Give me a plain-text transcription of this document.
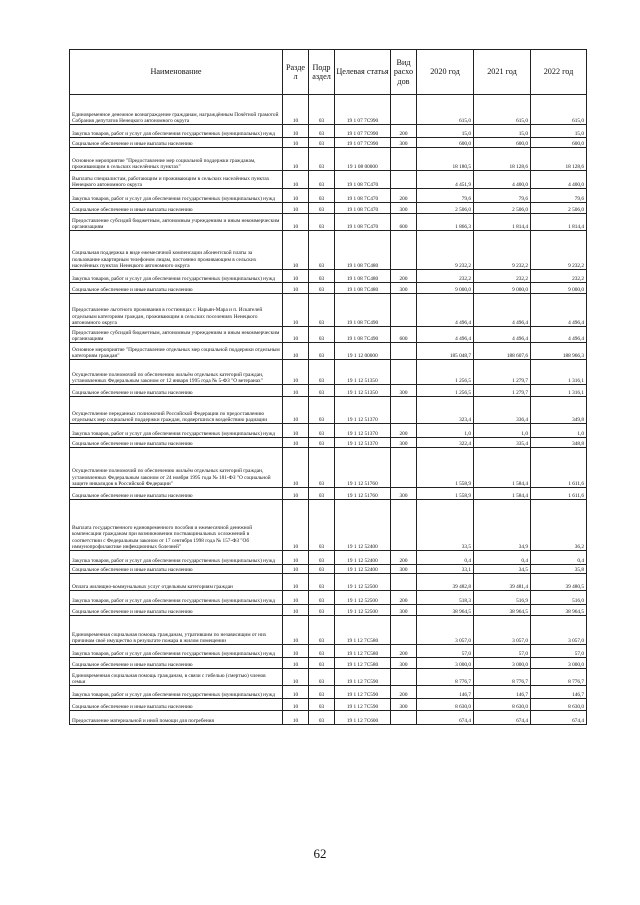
Наименование	Разде л	Подр аздел	Целевая статья	Вид расхо дов	2020 год	2021 год	2022 год
Единовременное денежное вознаграждение гражданам, награждённым Почётной грамотой Собрания депутатов Ненецкого автономного округа	10	03	19 1 07 7С990		615,0	615,0	615,0
Закупка товаров, работ и услуг для обеспечения государственных (муниципальных) нужд	10	03	19 1 07 7С990	200	15,0	15,0	15,0
Социальное обеспечение и иные выплаты населению	10	03	19 1 07 7С990	300	600,0	600,0	600,0
Основное мероприятие "Предоставление мер социальной поддержки гражданам, проживающим в сельских населённых пунктах"	10	03	19 1 08 00000		18 180,5	18 128,6	18 128,6
Выплаты специалистам, работающим и проживающим в сельских населённых пунктах Ненецкого автономного округа	10	03	19 1 08 7С470		4 451,9	4 400,0	4 400,0
Закупка товаров, работ и услуг для обеспечения государственных (муниципальных) нужд	10	03	19 1 08 7С470	200	79,6	79,6	79,6
Социальное обеспечение и иные выплаты населению	10	03	19 1 08 7С470	300	2 506,0	2 506,0	2 506,0
Предоставление субсидий бюджетным, автономным учреждениям и иным некоммерческим организациям	10	03	19 1 08 7С470	600	1 866,3	1 814,4	1 814,4
Социальная поддержка в виде ежемесячной компенсации абонентской платы за пользование квартирным телефоном лицам, постоянно проживающим в сельских населённых пунктах Ненецкого автономного округа	10	03	19 1 08 7С480		9 232,2	9 232,2	9 232,2
Закупка товаров, работ и услуг для обеспечения государственных (муниципальных) нужд	10	03	19 1 08 7С480	200	232,2	232,2	232,2
Социальное обеспечение и иные выплаты населению	10	03	19 1 08 7С480	300	9 000,0	9 000,0	9 000,0
Предоставление льготного проживания в гостиницах г. Нарьян-Мара и п. Искателей отдельным категориям граждан, проживающим в сельских поселениях Ненецкого автономного округа	10	03	19 1 08 7С490		4 496,4	4 496,4	4 496,4
Предоставление субсидий бюджетным, автономным учреждениям и иным некоммерческим организациям	10	03	19 1 08 7С490	600	4 496,4	4 496,4	4 496,4
Основное мероприятие "Предоставление отдельных мер социальной поддержки отдельным категориям граждан"	10	03	19 1 12 00000		185 048,7	188 607,6	188 966,3
Осуществление полномочий по обеспечению жильём отдельных категорий граждан, установленных Федеральным законом от 12 января 1995 года № 5-ФЗ "О ветеранах"	10	03	19 1 12 51350		1 256,5	1 279,7	1 316,1
Социальное обеспечение и иные выплаты населению	10	03	19 1 12 51350	300	1 256,5	1 279,7	1 316,1
Осуществление переданных полномочий Российской Федерации по предоставлению отдельных мер социальной поддержки граждан, подвергшихся воздействию радиации	10	03	19 1 12 51370		323,4	336,4	349,8
Закупка товаров, работ и услуг для обеспечения государственных (муниципальных) нужд	10	03	19 1 12 51370	200	1,0	1,0	1,0
Социальное обеспечение и иные выплаты населению	10	03	19 1 12 51370	300	322,4	335,4	348,8
Осуществление полномочий по обеспечению жильём отдельных категорий граждан, установленных Федеральным законом от 24 ноября 1995 года № 181-ФЗ "О социальной защите инвалидов в Российской Федерации"	10	03	19 1 12 51760		1 558,9	1 584,4	1 611,6
Социальное обеспечение и иные выплаты населению	10	03	19 1 12 51760	300	1 558,9	1 584,4	1 611,6
Выплата государственного единовременного пособия и ежемесячной денежной компенсации гражданам при возникновении поствакцинальных осложнений в соответствии с Федеральным законом от 17 сентября 1998 года № 157-ФЗ "Об иммунопрофилактике инфекционных болезней"	10	03	19 1 12 52400		33,5	34,9	36,2
Закупка товаров, работ и услуг для обеспечения государственных (муниципальных) нужд	10	03	19 1 12 52400	200	0,4	0,4	0,4
Социальное обеспечение и иные выплаты населению	10	03	19 1 12 52400	300	33,1	34,5	35,8
Оплата жилищно-коммунальных услуг отдельным категориям граждан	10	03	19 1 12 52500		39 482,8	39 481,4	39 480,5
Закупка товаров, работ и услуг для обеспечения государственных (муниципальных) нужд	10	03	19 1 12 52500	200	518,3	516,9	516,0
Социальное обеспечение и иные выплаты населению	10	03	19 1 12 52500	300	38 964,5	38 964,5	38 964,5
Единовременная социальная помощь гражданам, утратившим по независящим от них причинам своё имущество в результате пожара в жилом помещении	10	03	19 1 12 7С580		3 057,0	3 057,0	3 057,0
Закупка товаров, работ и услуг для обеспечения государственных (муниципальных) нужд	10	03	19 1 12 7С580	200	57,0	57,0	57,0
Социальное обеспечение и иные выплаты населению	10	03	19 1 12 7С580	300	3 000,0	3 000,0	3 000,0
Единовременная социальная помощь гражданам, в связи с гибелью (смертью) членов семьи	10	03	19 1 12 7С590		8 776,7	8 776,7	8 776,7
Закупка товаров, работ и услуг для обеспечения государственных (муниципальных) нужд	10	03	19 1 12 7С590	200	146,7	146,7	146,7
Социальное обеспечение и иные выплаты населению	10	03	19 1 12 7С590	300	8 630,0	8 630,0	8 630,0
Предоставление материальной и иной помощи для погребения	10	03	19 1 12 7С600		674,4	674,4	674,4
62
